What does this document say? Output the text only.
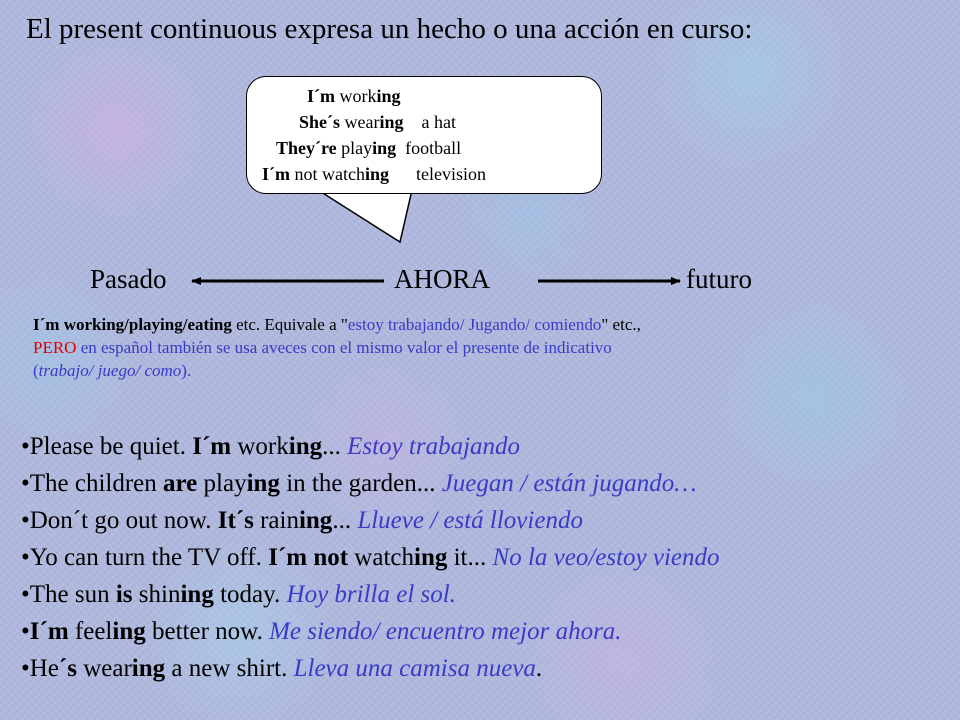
El present continuous expresa un hecho o una acción en curso:
I´m working
She´s wearing    a hat
They´re playing  football
I´m not watching      television
Pasado	AHORA	futuro
I´m working/playing/eating etc. Equivale a "estoy trabajando/ Jugando/ comiendo" etc.,
PERO en español también se usa aveces con el mismo valor el presente de indicativo
(trabajo/ juego/ como).
•Please be quiet. I´m working... Estoy trabajando
•The children are playing in the garden... Juegan / están jugando…
•Don´t go out now. It´s raining... Llueve / está lloviendo
•Yo can turn the TV off. I´m not watching it... No la veo/estoy viendo
•The sun is shining today. Hoy brilla el sol.
•I´m feeling better now. Me siendo/ encuentro mejor ahora.
•He´s wearing a new shirt. Lleva una camisa nueva.
